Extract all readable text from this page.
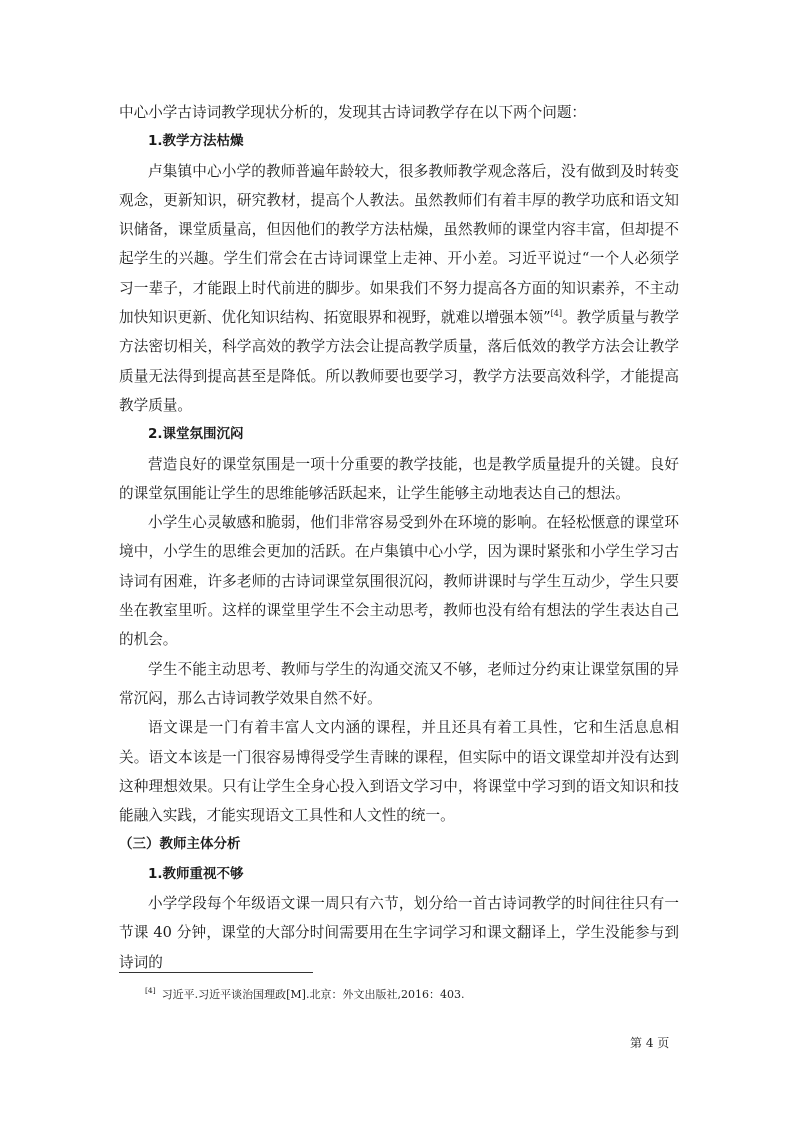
中心小学古诗词教学现状分析的，发现其古诗词教学存在以下两个问题：

1.教学方法枯燥

卢集镇中心小学的教师普遍年龄较大，很多教师教学观念落后，没有做到及时转变观念，更新知识，研究教材，提高个人教法。虽然教师们有着丰厚的教学功底和语文知识储备，课堂质量高，但因他们的教学方法枯燥，虽然教师的课堂内容丰富，但却提不起学生的兴趣。学生们常会在古诗词课堂上走神、开小差。习近平说过“一个人必须学习一辈子，才能跟上时代前进的脚步。如果我们不努力提高各方面的知识素养，不主动加快知识更新、优化知识结构、拓宽眼界和视野，就难以增强本领”[4]。教学质量与教学方法密切相关，科学高效的教学方法会让提高教学质量，落后低效的教学方法会让教学质量无法得到提高甚至是降低。所以教师要也要学习，教学方法要高效科学，才能提高教学质量。

2.课堂氛围沉闷

营造良好的课堂氛围是一项十分重要的教学技能，也是教学质量提升的关键。良好的课堂氛围能让学生的思维能够活跃起来，让学生能够主动地表达自己的想法。

小学生心灵敏感和脆弱，他们非常容易受到外在环境的影响。在轻松惬意的课堂环境中，小学生的思维会更加的活跃。在卢集镇中心小学，因为课时紧张和小学生学习古诗词有困难，许多老师的古诗词课堂氛围很沉闷，教师讲课时与学生互动少，学生只要坐在教室里听。这样的课堂里学生不会主动思考，教师也没有给有想法的学生表达自己的机会。

学生不能主动思考、教师与学生的沟通交流又不够，老师过分约束让课堂氛围的异常沉闷，那么古诗词教学效果自然不好。

语文课是一门有着丰富人文内涵的课程，并且还具有着工具性，它和生活息息相关。语文本该是一门很容易博得受学生青睐的课程，但实际中的语文课堂却并没有达到这种理想效果。只有让学生全身心投入到语文学习中，将课堂中学习到的语文知识和技能融入实践，才能实现语文工具性和人文性的统一。

（三）教师主体分析

1.教师重视不够

小学学段每个年级语文课一周只有六节，划分给一首古诗词教学的时间往往只有一节课 40 分钟，课堂的大部分时间需要用在生字词学习和课文翻译上，学生没能参与到诗词的

[4] 习近平.习近平谈治国理政[M].北京：外文出版社,2016：403.
第 4 页
